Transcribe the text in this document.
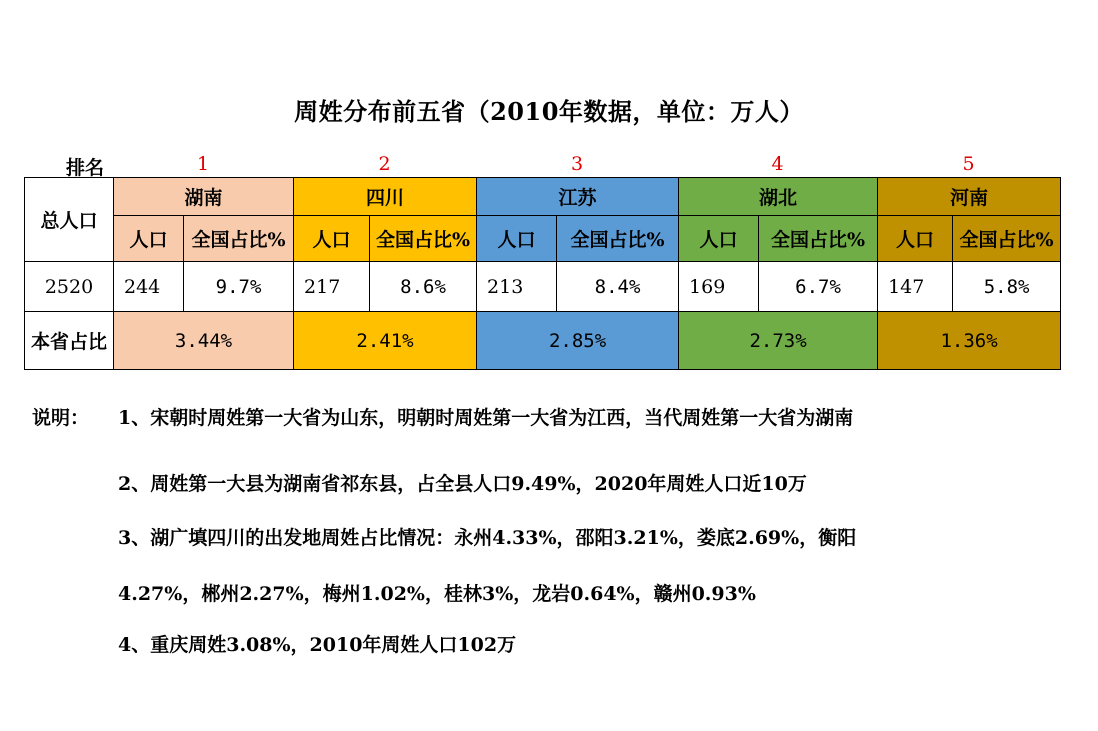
周姓分布前五省（2010年数据，单位：万人）
排名	1	2	3	4	5
总人口	湖南		四川		江苏		湖北		河南	
	人口	全国占比%	人口	全国占比%	人口	全国占比%	人口	全国占比%	人口	全国占比%
2520	244	9.7%	217	8.6%	213	8.4%	169	6.7%	147	5.8%
本省占比	3.44%		2.41%		2.85%		2.73%		1.36%	
说明： 1、宋朝时周姓第一大省为山东，明朝时周姓第一大省为江西，当代周姓第一大省为湖南
2、周姓第一大县为湖南省祁东县，占全县人口9.49%，2020年周姓人口近10万
3、湖广填四川的出发地周姓占比情况：永州4.33%，邵阳3.21%，娄底2.69%，衡阳
4.27%，郴州2.27%，梅州1.02%，桂林3%，龙岩0.64%，赣州0.93%
4、重庆周姓3.08%，2010年周姓人口102万
